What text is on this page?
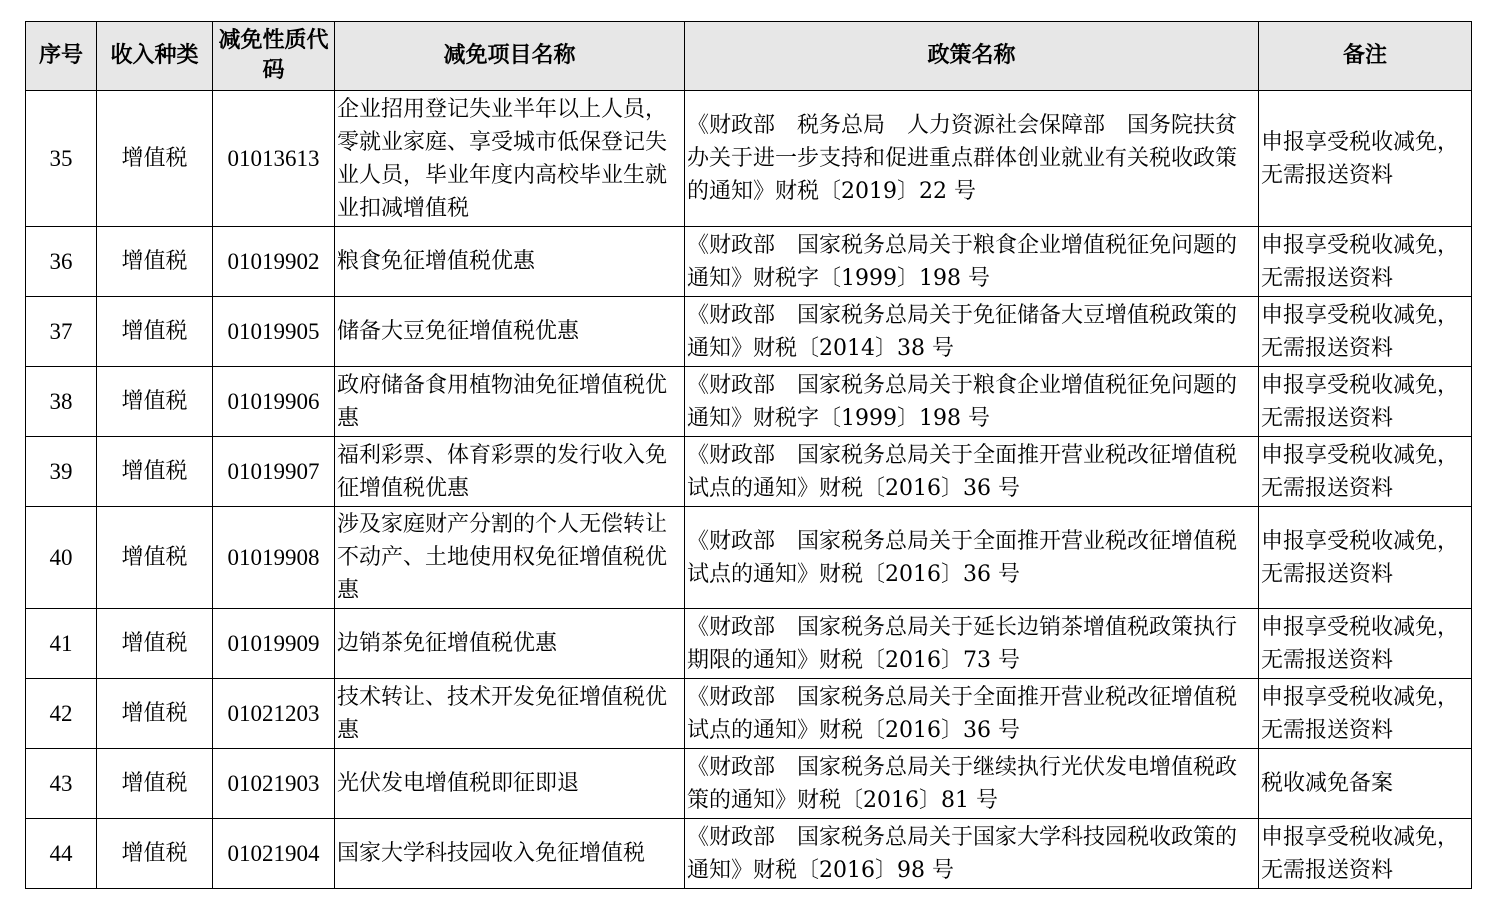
序号	收入种类	减免性质代码	减免项目名称	政策名称	备注
35	增值税	01013613	企业招用登记失业半年以上人员，零就业家庭、享受城市低保登记失业人员，毕业年度内高校毕业生就业扣减增值税	《财政部　税务总局　人力资源社会保障部　国务院扶贫办关于进一步支持和促进重点群体创业就业有关税收政策的通知》财税〔2019〕22 号	申报享受税收减免，无需报送资料
36	增值税	01019902	粮食免征增值税优惠	《财政部　国家税务总局关于粮食企业增值税征免问题的通知》财税字〔1999〕198 号	申报享受税收减免，无需报送资料
37	增值税	01019905	储备大豆免征增值税优惠	《财政部　国家税务总局关于免征储备大豆增值税政策的通知》财税〔2014〕38 号	申报享受税收减免，无需报送资料
38	增值税	01019906	政府储备食用植物油免征增值税优惠	《财政部　国家税务总局关于粮食企业增值税征免问题的通知》财税字〔1999〕198 号	申报享受税收减免，无需报送资料
39	增值税	01019907	福利彩票、体育彩票的发行收入免征增值税优惠	《财政部　国家税务总局关于全面推开营业税改征增值税试点的通知》财税〔2016〕36 号	申报享受税收减免，无需报送资料
40	增值税	01019908	涉及家庭财产分割的个人无偿转让不动产、土地使用权免征增值税优惠	《财政部　国家税务总局关于全面推开营业税改征增值税试点的通知》财税〔2016〕36 号	申报享受税收减免，无需报送资料
41	增值税	01019909	边销茶免征增值税优惠	《财政部　国家税务总局关于延长边销茶增值税政策执行期限的通知》财税〔2016〕73 号	申报享受税收减免，无需报送资料
42	增值税	01021203	技术转让、技术开发免征增值税优惠	《财政部　国家税务总局关于全面推开营业税改征增值税试点的通知》财税〔2016〕36 号	申报享受税收减免，无需报送资料
43	增值税	01021903	光伏发电增值税即征即退	《财政部　国家税务总局关于继续执行光伏发电增值税政策的通知》财税〔2016〕81 号	税收减免备案
44	增值税	01021904	国家大学科技园收入免征增值税	《财政部　国家税务总局关于国家大学科技园税收政策的通知》财税〔2016〕98 号	申报享受税收减免，无需报送资料
